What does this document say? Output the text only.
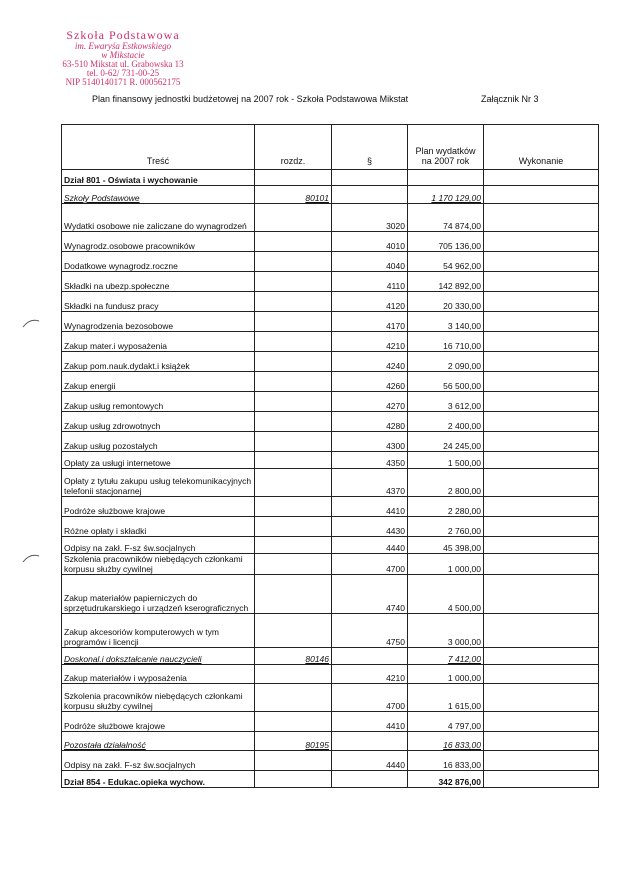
Szkoła Podstawowa
im. Ewaryśa Estkowskiego
w Mikstacie
63-510 Mikstat ul. Grabowska 13
tel. 0-62/ 731-00-25
NIP 5140140171 R. 000562175
Plan finansowy jednostki budżetowej na 2007 rok - Szkoła Podstawowa Mikstat	Załącznik Nr 3
Treść	rozdz.	§	Plan wydatków na 2007 rok	Wykonanie
Dział 801 - Oświata i wychowanie				
Szkoły Podstawowe	80101		1 170 129,00	
Wydatki osobowe nie zaliczane do wynagrodzeń		3020	74 874,00	
Wynagrodz.osobowe pracowników		4010	705 136,00	
Dodatkowe wynagrodz.roczne		4040	54 962,00	
Składki na ubezp.społeczne		4110	142 892,00	
Składki na fundusz pracy		4120	20 330,00	
Wynagrodzenia bezosobowe		4170	3 140,00	
Zakup mater.i wyposażenia		4210	16 710,00	
Zakup pom.nauk.dydakt.i książek		4240	2 090,00	
Zakup energii		4260	56 500,00	
Zakup usług remontowych		4270	3 612,00	
Zakup usług zdrowotnych		4280	2 400,00	
Zakup usług pozostałych		4300	24 245,00	
Opłaty za usługi internetowe		4350	1 500,00	
Opłaty z tytułu zakupu usług telekomunikacyjnych telefonii stacjonarnej		4370	2 800,00	
Podróże służbowe krajowe		4410	2 280,00	
Różne opłaty i składki		4430	2 760,00	
Odpisy na zakł. F-sz św.socjalnych		4440	45 398,00	
Szkolenia pracowników niebędących członkami korpusu służby cywilnej		4700	1 000,00	
Zakup materiałów papierniczych do sprzętudrukarskiego i urządzeń kserograficznych		4740	4 500,00	
Zakup akcesoriów komputerowych w tym programów i licencji		4750	3 000,00	
Doskonal.i dokształcanie nauczycieli	80146		7 412,00	
Zakup materiałów i wyposażenia		4210	1 000,00	
Szkolenia pracowników niebędących członkami korpusu służby cywilnej		4700	1 615,00	
Podróże służbowe krajowe		4410	4 797,00	
Pozostała działalność	80195		16 833,00	
Odpisy na zakł. F-sz św.socjalnych		4440	16 833,00	
Dział 854 - Edukac.opieka wychow.			342 876,00	
